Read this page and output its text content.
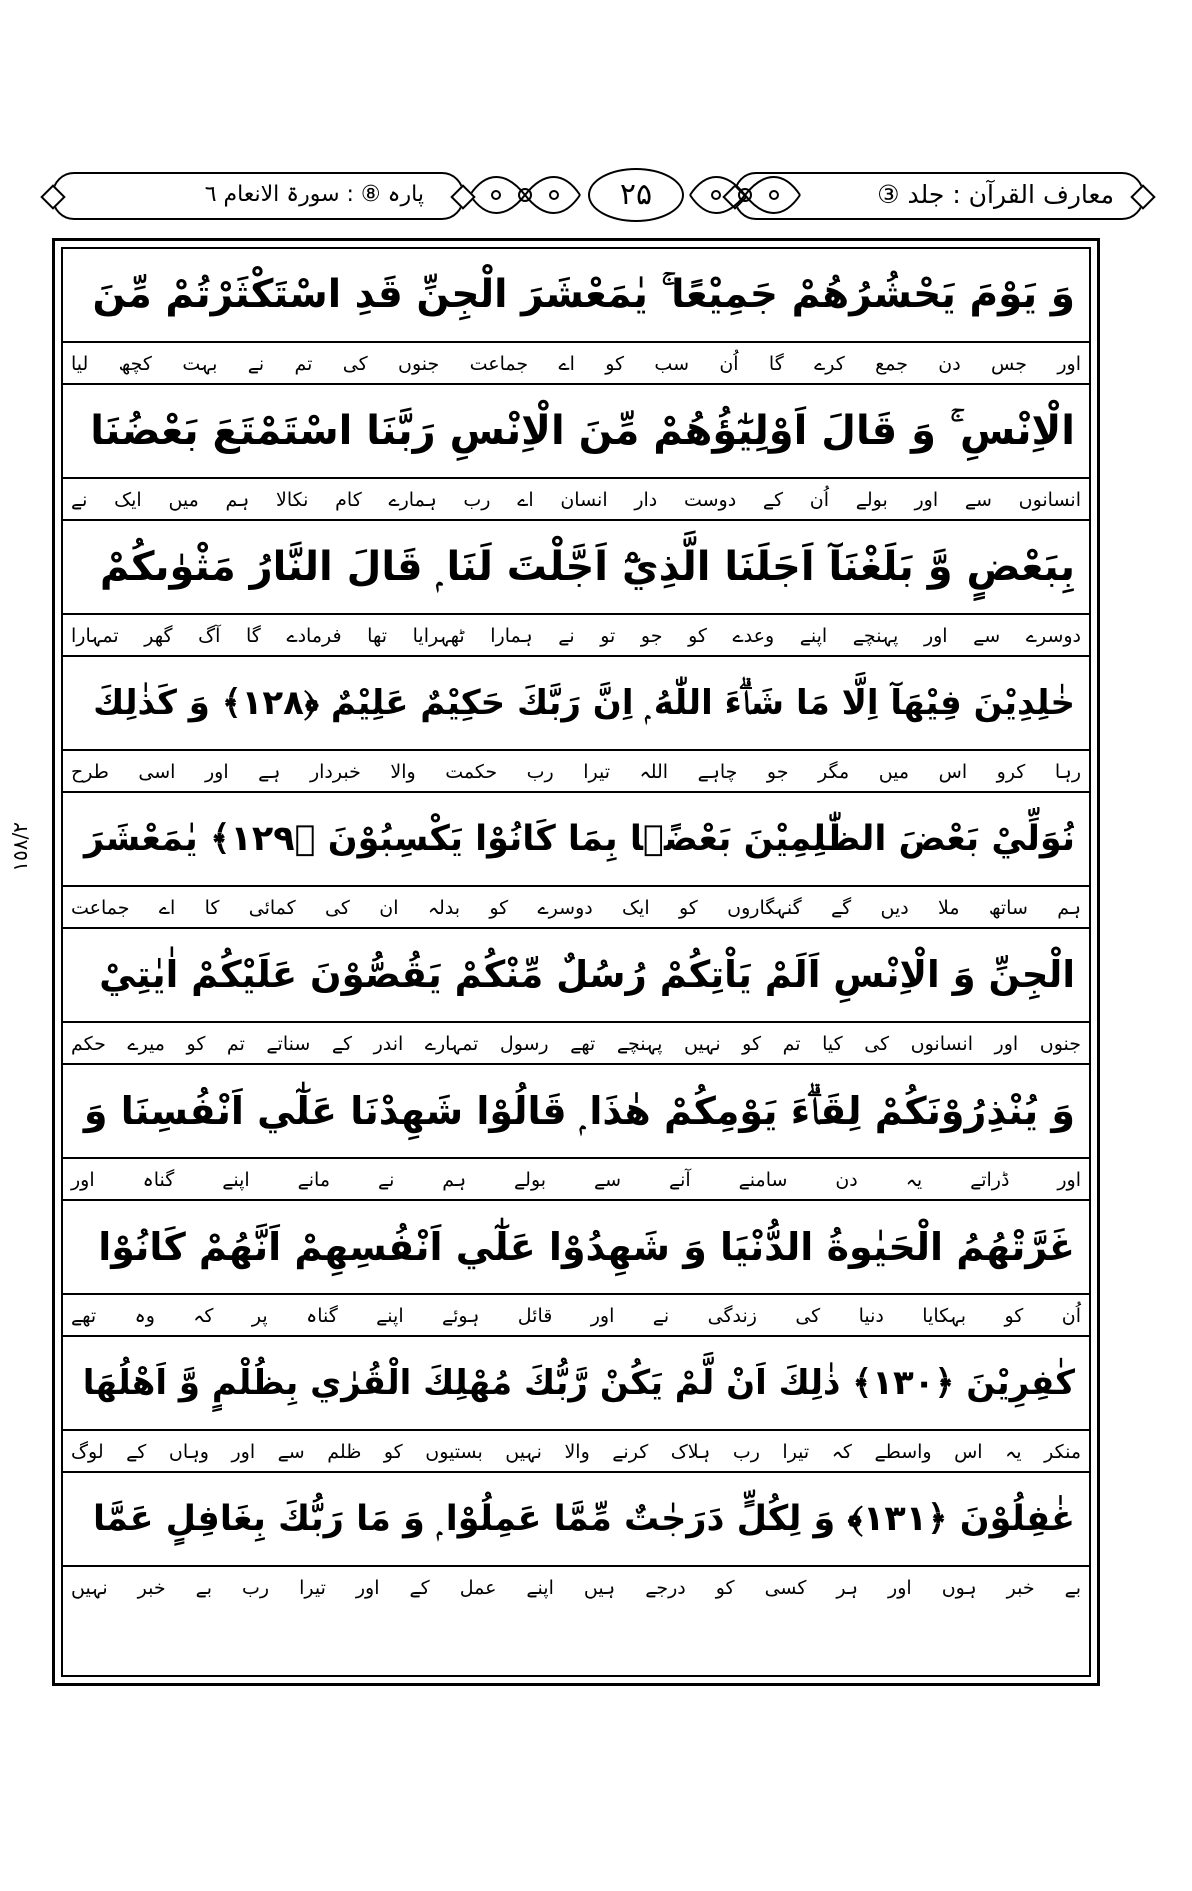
معارف القرآن : جلد ③
۲۵
پارہ ⑧ : سورۃ الانعام ٦
١٥٨/٢
وَ يَوْمَ يَحْشُرُهُمْ جَمِيْعًا ۚ يٰمَعْشَرَ الْجِنِّ قَدِ اسْتَكْثَرْتُمْ مِّنَ
اور جس دن جمع کرے گا اُن سب کو اے جماعت جنوں کی تم نے بہت کچھ لیا
الْاِنْسِ ۚ وَ قَالَ اَوْلِيٰٓؤُهُمْ مِّنَ الْاِنْسِ رَبَّنَا اسْتَمْتَعَ بَعْضُنَا
انسانوں سے اور بولے اُن کے دوست دار انسان اے رب ہمارے کام نکالا ہم میں ایک نے
بِبَعْضٍ وَّ بَلَغْنَآ اَجَلَنَا الَّذِيْٓ اَجَّلْتَ لَنَا ۭ قَالَ النَّارُ مَثْوٰىكُمْ
دوسرے سے اور پہنچے اپنے وعدے کو جو تو نے ہمارا ٹھہرایا تھا فرمادے گا آگ گھر تمہارا
خٰلِدِيْنَ فِيْهَآ اِلَّا مَا شَاۗءَ اللّٰهُ ۭ اِنَّ رَبَّكَ حَكِيْمٌ عَلِيْمٌ ﴿١٢٨﴾ وَ كَذٰلِكَ
رہا کرو اس میں مگر جو چاہے اللہ تیرا رب حکمت والا خبردار ہے اور اسی طرح
نُوَلِّيْ بَعْضَ الظّٰلِمِيْنَ بَعْضًۢا بِمَا كَانُوْا يَكْسِبُوْنَ ﴿١٢٩﴾ يٰمَعْشَرَ
ہم ساتھ ملا دیں گے گنہگاروں کو ایک دوسرے کو بدلہ ان کی کمائی کا اے جماعت
الْجِنِّ وَ الْاِنْسِ اَلَمْ يَاْتِكُمْ رُسُلٌ مِّنْكُمْ يَقُصُّوْنَ عَلَيْكُمْ اٰيٰتِيْ
جنوں اور انسانوں کی کیا تم کو نہیں پہنچے تھے رسول تمہارے اندر کے سناتے تم کو میرے حکم
وَ يُنْذِرُوْنَكُمْ لِقَاۗءَ يَوْمِكُمْ هٰذَا ۭ قَالُوْا شَهِدْنَا عَلٰٓي اَنْفُسِنَا وَ
اور ڈراتے یہ دن سامنے آنے سے بولے ہم نے مانے اپنے گناہ اور
غَرَّتْهُمُ الْحَيٰوةُ الدُّنْيَا وَ شَهِدُوْا عَلٰٓي اَنْفُسِهِمْ اَنَّهُمْ كَانُوْا
اُن کو بہکایا دنیا کی زندگی نے اور قائل ہوئے اپنے گناہ پر کہ وہ تھے
كٰفِرِيْنَ ﴿١٣٠﴾ ذٰلِكَ اَنْ لَّمْ يَكُنْ رَّبُّكَ مُهْلِكَ الْقُرٰي بِظُلْمٍ وَّ اَهْلُهَا
منکر یہ اس واسطے کہ تیرا رب ہلاک کرنے والا نہیں بستیوں کو ظلم سے اور وہاں کے لوگ
غٰفِلُوْنَ ﴿١٣١﴾ وَ لِكُلٍّ دَرَجٰتٌ مِّمَّا عَمِلُوْا ۭ وَ مَا رَبُّكَ بِغَافِلٍ عَمَّا
بے خبر ہوں اور ہر کسی کو درجے ہیں اپنے عمل کے اور تیرا رب بے خبر نہیں
